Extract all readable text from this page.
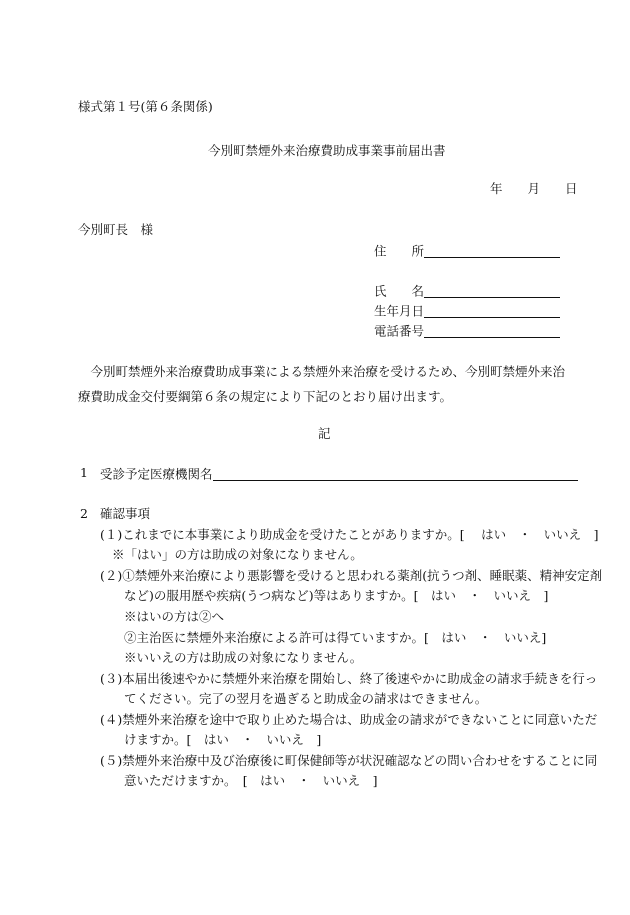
様式第１号(第６条関係)
今別町禁煙外来治療費助成事業事前届出書
年　　月　　日
今別町長　様
住　　所
氏　　名
生年月日
電話番号
今別町禁煙外来治療費助成事業による禁煙外来治療を受けるため、今別町禁煙外来治療費助成金交付要綱第６条の規定により下記のとおり届け出ます。
記
1 受診予定医療機関名
2 確認事項
(１)これまでに本事業により助成金を受けたことがありますか。[　 はい　・　いいえ　]
※「はい」の方は助成の対象になりません。
(２)①禁煙外来治療により悪影響を受けると思われる薬剤(抗うつ剤、睡眠薬、精神安定剤
など)の服用歴や疾病(うつ病など)等はありますか。[　はい　・　いいえ　]
※はいの方は②へ
②主治医に禁煙外来治療による許可は得ていますか。[　はい　・　いいえ]
※いいえの方は助成の対象になりません。
(３)本届出後速やかに禁煙外来治療を開始し、終了後速やかに助成金の請求手続きを行っ
てください。完了の翌月を過ぎると助成金の請求はできません。
(４)禁煙外来治療を途中で取り止めた場合は、助成金の請求ができないことに同意いただ
けますか。[　はい　・　いいえ　]
(５)禁煙外来治療中及び治療後に町保健師等が状況確認などの問い合わせをすることに同
意いただけますか。　[　はい　・　いいえ　]
